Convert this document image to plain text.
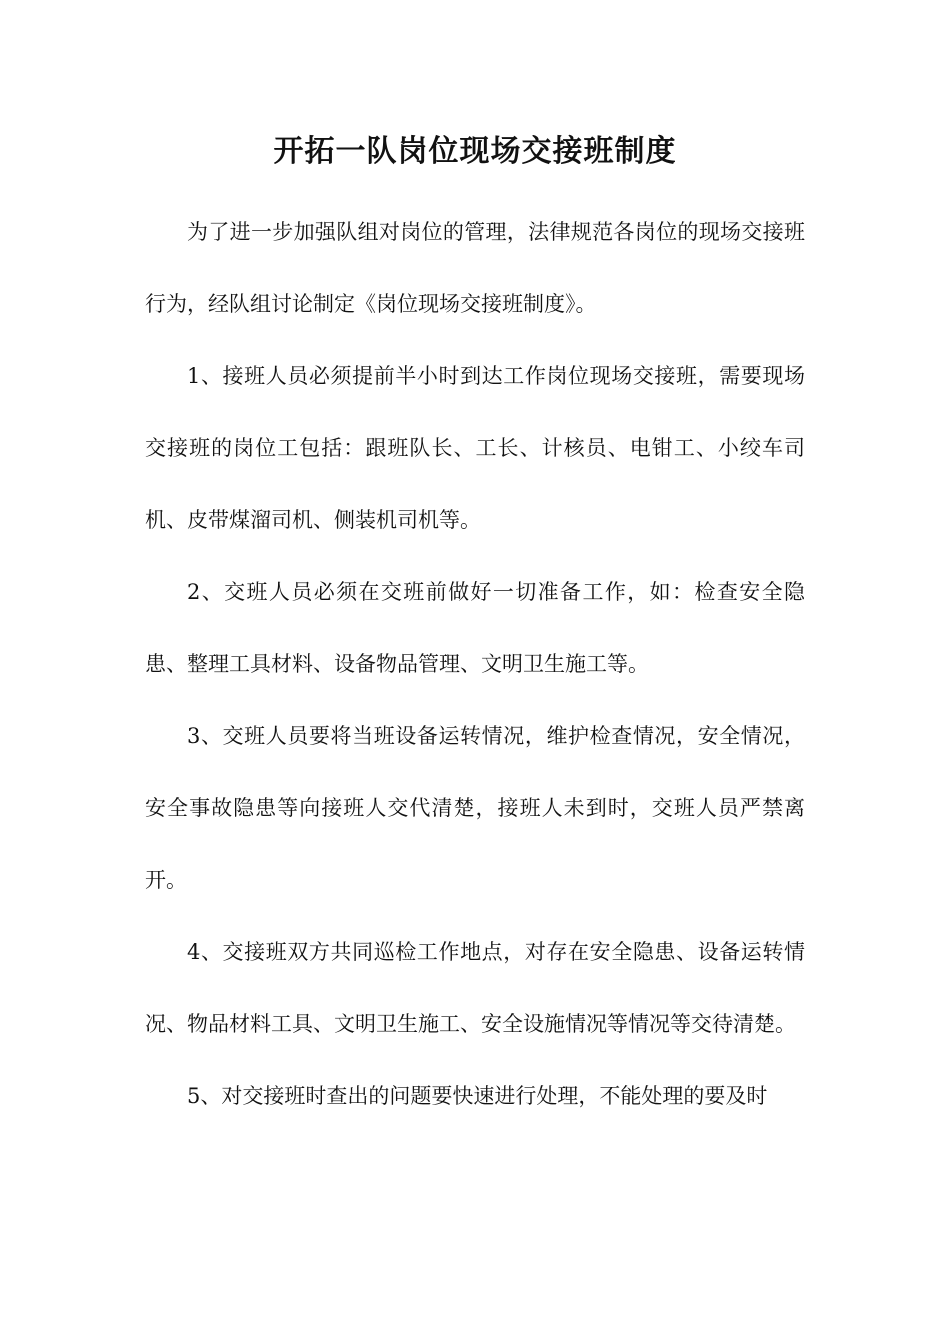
开拓一队岗位现场交接班制度

为了进一步加强队组对岗位的管理，法律规范各岗位的现场交接班行为，经队组讨论制定《岗位现场交接班制度》。

1、接班人员必须提前半小时到达工作岗位现场交接班，需要现场交接班的岗位工包括：跟班队长、工长、计核员、电钳工、小绞车司机、皮带煤溜司机、侧装机司机等。

2、交班人员必须在交班前做好一切准备工作，如：检查安全隐患、整理工具材料、设备物品管理、文明卫生施工等。

3、交班人员要将当班设备运转情况，维护检查情况，安全情况，安全事故隐患等向接班人交代清楚，接班人未到时，交班人员严禁离开。

4、交接班双方共同巡检工作地点，对存在安全隐患、设备运转情况、物品材料工具、文明卫生施工、安全设施情况等情况等交待清楚。

5、对交接班时查出的问题要快速进行处理，不能处理的要及时
